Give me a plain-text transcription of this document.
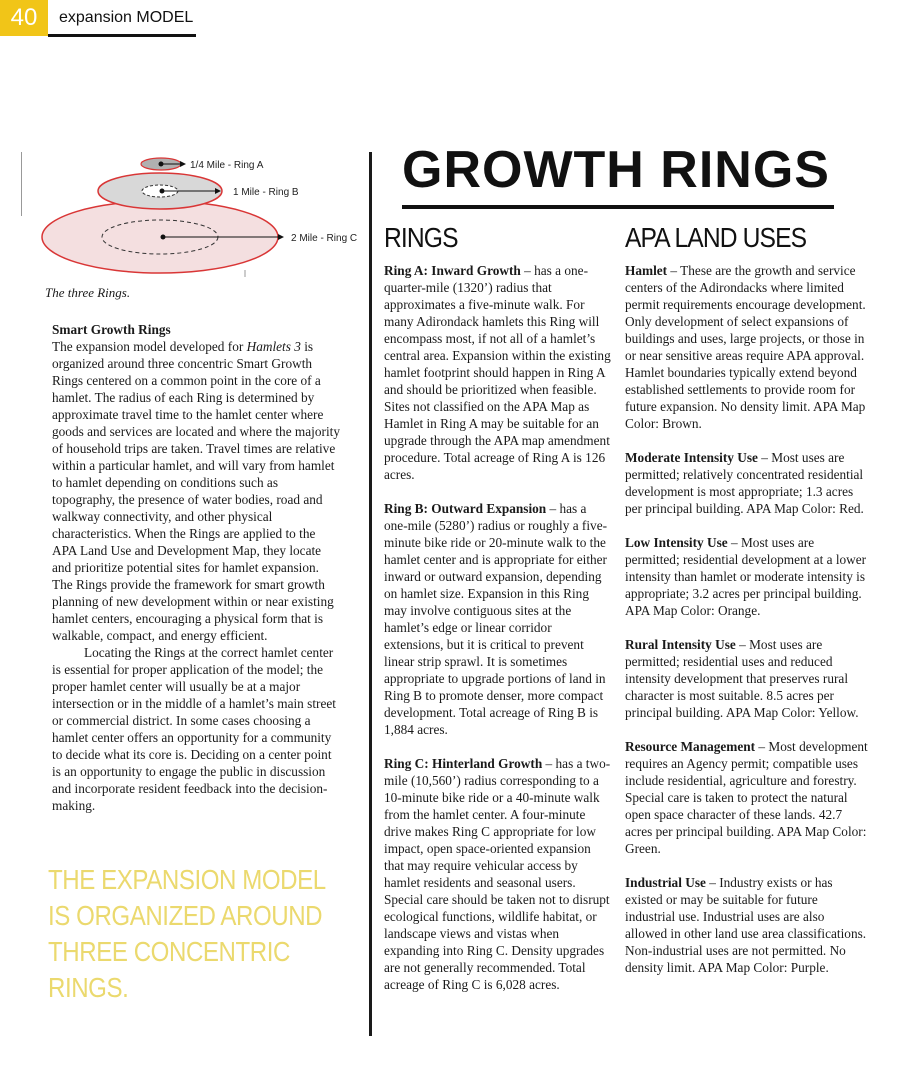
40	expansion MODEL
1/4 Mile - Ring A
1 Mile - Ring B
2 Mile - Ring C
The three Rings.
Smart Growth Rings

The expansion model developed for Hamlets 3 is organized around three concentric Smart Growth Rings centered on a common point in the core of a hamlet. The radius of each Ring is determined by approximate travel time to the hamlet center where goods and services are located and where the majority of household trips are taken. Travel times are relative within a particular hamlet, and will vary from hamlet to hamlet depending on conditions such as topography, the presence of water bodies, road and walkway connectivity, and other physical characteristics. When the Rings are applied to the APA Land Use and Development Map, they locate and prioritize potential sites for hamlet expansion. The Rings provide the framework for smart growth planning of new development within or near existing hamlet centers, encouraging a physical form that is walkable, compact, and energy efficient.

Locating the Rings at the correct hamlet center is essential for proper application of the model; the proper hamlet center will usually be at a major intersection or in the middle of a hamlet’s main street or commercial district. In some cases choosing a hamlet center offers an opportunity for a community to decide what its core is. Deciding on a center point is an opportunity to engage the public in discussion and incorporate resident feedback into the decision-making.

THE EXPANSION MODEL IS ORGANIZED AROUND THREE CONCENTRIC RINGS.
GROWTH RINGS
RINGS	APA LAND USES

Ring A: Inward Growth – has a one-quarter-mile (1320’) radius that approximates a five-minute walk. For many Adirondack hamlets this Ring will encompass most, if not all of a hamlet’s central area. Expansion within the existing hamlet footprint should happen in Ring A and should be prioritized when feasible. Sites not classified on the APA Map as Hamlet in Ring A may be suitable for an upgrade through the APA map amendment procedure. Total acreage of Ring A is 126 acres.

Ring B: Outward Expansion – has a one-mile (5280’) radius or roughly a five-minute bike ride or 20-minute walk to the hamlet center and is appropriate for either inward or outward expansion, depending on hamlet size. Expansion in this Ring may involve contiguous sites at the hamlet’s edge or linear corridor extensions, but it is critical to prevent linear strip sprawl. It is sometimes appropriate to upgrade portions of land in Ring B to promote denser, more compact development. Total acreage of Ring B is 1,884 acres.

Ring C: Hinterland Growth – has a two-mile (10,560’) radius corresponding to a 10-minute bike ride or a 40-minute walk from the hamlet center. A four-minute drive makes Ring C appropriate for low impact, open space-oriented expansion that may require vehicular access by hamlet residents and seasonal users. Special care should be taken not to disrupt ecological functions, wildlife habitat, or landscape views and vistas when expanding into Ring C. Density upgrades are not generally recommended. Total acreage of Ring C is 6,028 acres.

Hamlet – These are the growth and service centers of the Adirondacks where limited permit requirements encourage development. Only development of select expansions of buildings and uses, large projects, or those in or near sensitive areas require APA approval. Hamlet boundaries typically extend beyond established settlements to provide room for future expansion. No density limit. APA Map Color: Brown.

Moderate Intensity Use – Most uses are permitted; relatively concentrated residential development is most appropriate; 1.3 acres per principal building. APA Map Color: Red.

Low Intensity Use – Most uses are permitted; residential development at a lower intensity than hamlet or moderate intensity is appropriate; 3.2 acres per principal building. APA Map Color: Orange.

Rural Intensity Use – Most uses are permitted; residential uses and reduced intensity development that preserves rural character is most suitable. 8.5 acres per principal building. APA Map Color: Yellow.

Resource Management – Most development requires an Agency permit; compatible uses include residential, agriculture and forestry. Special care is taken to protect the natural open space character of these lands. 42.7 acres per principal building. APA Map Color: Green.

Industrial Use – Industry exists or has existed or may be suitable for future industrial use. Industrial uses are also allowed in other land use area classifications. Non-industrial uses are not permitted. No density limit. APA Map Color: Purple.
